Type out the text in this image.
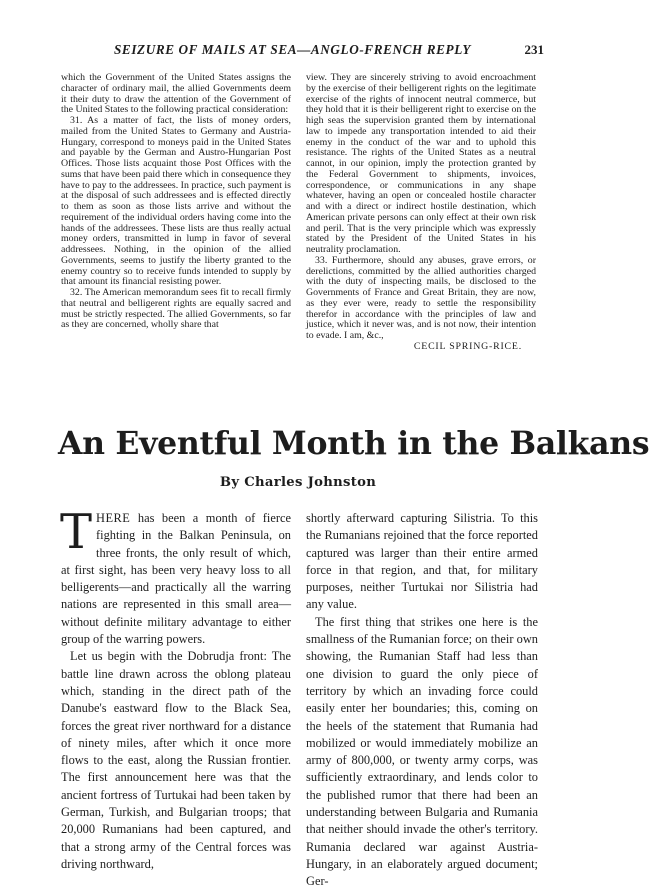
SEIZURE OF MAILS AT SEA—ANGLO-FRENCH REPLY	231

which the Government of the United States assigns the character of ordinary mail, the allied Governments deem it their duty to draw the attention of the Government of the United States to the following practical consideration:

31. As a matter of fact, the lists of money orders, mailed from the United States to Germany and Austria-Hungary, correspond to moneys paid in the United States and payable by the German and Austro-Hungarian Post Offices. Those lists acquaint those Post Offices with the sums that have been paid there which in consequence they have to pay to the addressees. In practice, such payment is at the disposal of such addressees and is effected directly to them as soon as those lists arrive and without the requirement of the individual orders having come into the hands of the addressees. These lists are thus really actual money orders, transmitted in lump in favor of several addressees. Nothing, in the opinion of the allied Governments, seems to justify the liberty granted to the enemy country so to receive funds intended to supply by that amount its financial resisting power.

32. The American memorandum sees fit to recall firmly that neutral and belligerent rights are equally sacred and must be strictly respected. The allied Governments, so far as they are concerned, wholly share that

view. They are sincerely striving to avoid encroachment by the exercise of their belligerent rights on the legitimate exercise of the rights of innocent neutral commerce, but they hold that it is their belligerent right to exercise on the high seas the supervision granted them by international law to impede any transportation intended to aid their enemy in the conduct of the war and to uphold this resistance. The rights of the United States as a neutral cannot, in our opinion, imply the protection granted by the Federal Government to shipments, invoices, correspondence, or communications in any shape whatever, having an open or concealed hostile character and with a direct or indirect hostile destination, which American private persons can only effect at their own risk and peril. That is the very principle which was expressly stated by the President of the United States in his neutrality proclamation.

33. Furthermore, should any abuses, grave errors, or derelictions, committed by the allied authorities charged with the duty of inspecting mails, be disclosed to the Governments of France and Great Britain, they are now, as they ever were, ready to settle the responsibility therefor in accordance with the principles of law and justice, which it never was, and is not now, their intention to evade. I am, &c.,

CECIL SPRING-RICE.

An Eventful Month in the Balkans
By Charles Johnston

THERE has been a month of fierce fighting in the Balkan Peninsula, on three fronts, the only result of which, at first sight, has been very heavy loss to all belligerents—and practically all the warring nations are represented in this small area—without definite military advantage to either group of the warring powers.

Let us begin with the Dobrudja front: The battle line drawn across the oblong plateau which, standing in the direct path of the Danube's eastward flow to the Black Sea, forces the great river northward for a distance of ninety miles, after which it once more flows to the east, along the Russian frontier. The first announcement here was that the ancient fortress of Turtukai had been taken by German, Turkish, and Bulgarian troops; that 20,000 Rumanians had been captured, and that a strong army of the Central forces was driving northward,

shortly afterward capturing Silistria. To this the Rumanians rejoined that the force reported captured was larger than their entire armed force in that region, and that, for military purposes, neither Turtukai nor Silistria had any value.

The first thing that strikes one here is the smallness of the Rumanian force; on their own showing, the Rumanian Staff had less than one division to guard the only piece of territory by which an invading force could easily enter her boundaries; this, coming on the heels of the statement that Rumania had mobilized or would immediately mobilize an army of 800,000, or twenty army corps, was sufficiently extraordinary, and lends color to the published rumor that there had been an understanding between Bulgaria and Rumania that neither should invade the other's territory. Rumania declared war against Austria-Hungary, in an elaborately argued document; Ger-
